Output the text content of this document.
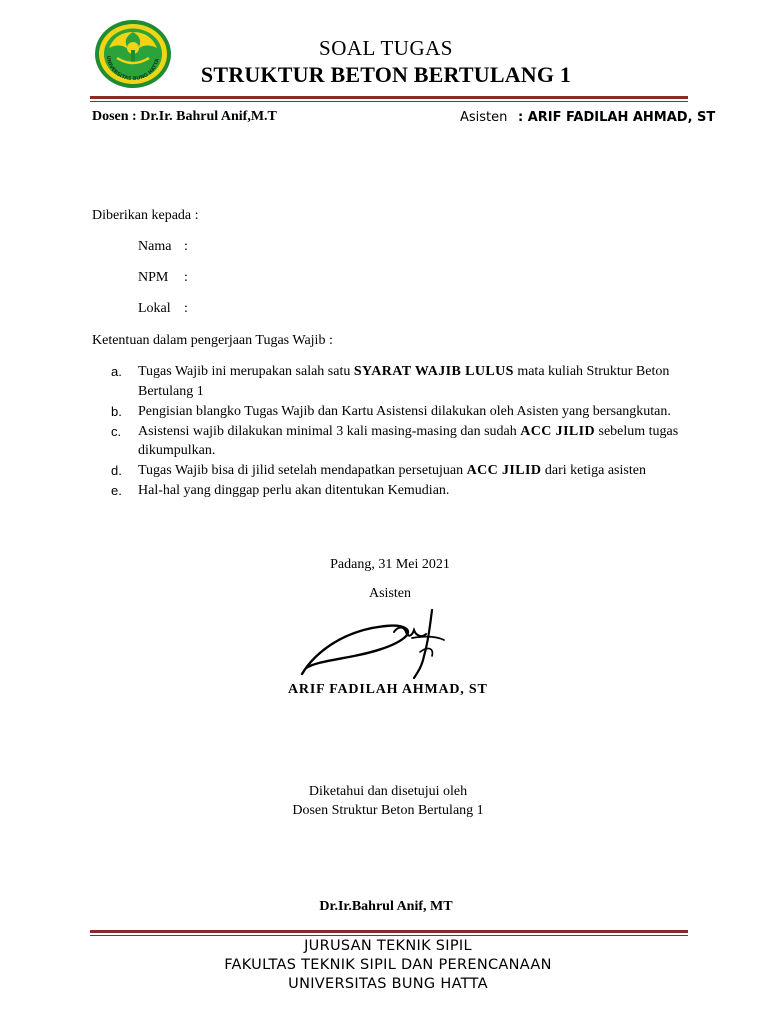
UNIVERSITAS BUNG HATTA
SOAL TUGAS
STRUKTUR BETON BERTULANG 1
Dosen : Dr.Ir. Bahrul Anif,M.T	Asisten : ARIF FADILAH AHMAD, ST
Diberikan kepada :
Nama :
NPM :
Lokal :
Ketentuan dalam pengerjaan Tugas Wajib :
a. Tugas Wajib ini merupakan salah satu SYARAT WAJIB LULUS mata kuliah Struktur Beton Bertulang 1
b. Pengisian blangko Tugas Wajib dan Kartu Asistensi dilakukan oleh Asisten yang bersangkutan.
c. Asistensi wajib dilakukan minimal 3 kali masing-masing dan sudah ACC JILID sebelum tugas dikumpulkan.
d. Tugas Wajib bisa di jilid setelah mendapatkan persetujuan ACC JILID dari ketiga asisten
e. Hal-hal yang dinggap perlu akan ditentukan Kemudian.
Padang, 31 Mei 2021
Asisten
ARIF FADILAH AHMAD, ST
Diketahui dan disetujui oleh
Dosen Struktur Beton Bertulang 1
Dr.Ir.Bahrul Anif, MT
JURUSAN TEKNIK SIPIL
FAKULTAS TEKNIK SIPIL DAN PERENCANAAN
UNIVERSITAS BUNG HATTA
